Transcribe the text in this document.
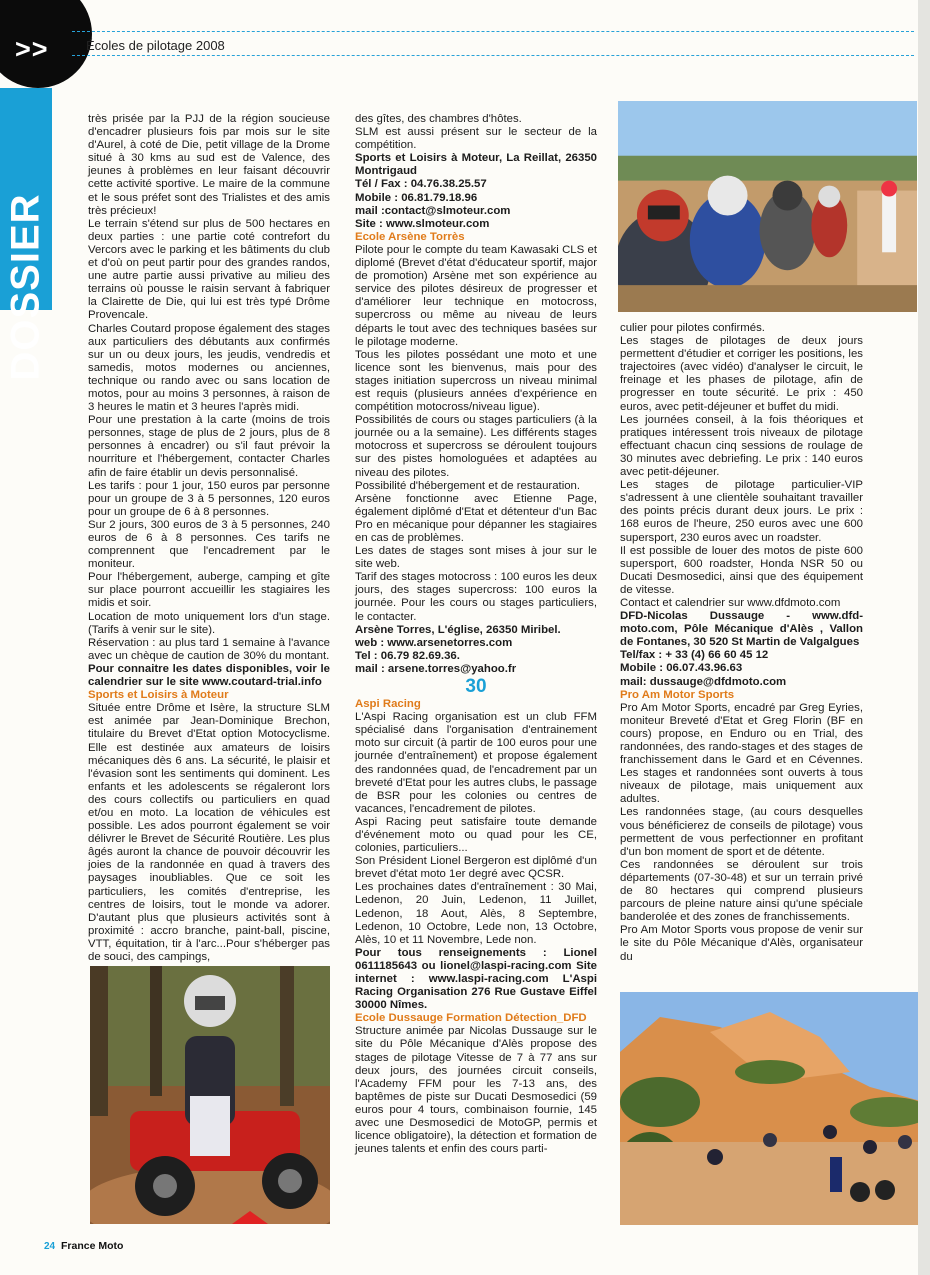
>>
DOSSIER
Écoles de pilotage 2008

très prisée par la PJJ de la région soucieuse d'encadrer plusieurs fois par mois sur le site d'Aurel, à coté de Die, petit village de la Drome situé à 30 kms au sud est de Valence, des jeunes à problèmes en leur faisant découvrir cette activité sportive. Le maire de la commune et le sous préfet sont des Trialistes et des amis très précieux!

Le terrain s'étend sur plus de 500 hectares en deux parties : une partie coté contrefort du Vercors avec le parking et les bâtiments du club et d'où on peut partir pour des grandes randos, une autre partie aussi privative au milieu des terrains où pousse le raisin servant à fabriquer la Clairette de Die, qui lui est très typé Drôme Provencale.

Charles Coutard propose également des stages aux particuliers des débutants aux confirmés sur un ou deux jours, les jeudis, vendredis et samedis, motos modernes ou anciennes, technique ou rando avec ou sans location de motos, pour au moins 3 personnes, à raison de 3 heures le matin et 3 heures l'après midi.

Pour une prestation à la carte (moins de trois personnes, stage de plus de 2 jours, plus de 8 personnes à encadrer) ou s'il faut prévoir la nourriture et l'hébergement, contacter Charles afin de faire établir un devis personnalisé.

Les tarifs : pour 1 jour, 150 euros par personne pour un groupe de 3 à 5 personnes, 120 euros pour un groupe de 6 à 8 personnes.

Sur 2 jours, 300 euros de 3 à 5 personnes, 240 euros de 6 à 8 personnes. Ces tarifs ne comprennent que l'encadrement par le moniteur.

Pour l'hébergement, auberge, camping et gîte sur place pourront accueillir les stagiaires les midis et soir.

Location de moto uniquement lors d'un stage. (Tarifs à venir sur le site).

Réservation : au plus tard 1 semaine à l'avance avec un chèque de caution de 30% du montant.

Pour connaitre les dates disponibles, voir le calendrier sur le site www.coutard-trial.info

Sports et Loisirs à Moteur

Située entre Drôme et Isère, la structure SLM est animée par Jean-Dominique Brechon, titulaire du Brevet d'Etat option Motocyclisme. Elle est destinée aux amateurs de loisirs mécaniques dès 6 ans. La sécurité, le plaisir et l'évasion sont les sentiments qui dominent. Les enfants et les adolescents se régaleront lors des cours collectifs ou particuliers en quad et/ou en moto. La location de véhicules est possible. Les ados pourront également se voir délivrer le Brevet de Sécurité Routière. Les plus âgés auront la chance de pouvoir découvrir les joies de la randonnée en quad à travers des paysages inoubliables. Que ce soit les particuliers, les comités d'entreprise, les centres de loisirs, tout le monde va adorer. D'autant plus que plusieurs activités sont à proximité : accro branche, paint-ball, piscine, VTT, équitation, tir à l'arc...Pour s'héberger pas de souci, des campings,

des gîtes, des chambres d'hôtes.

SLM est aussi présent sur le secteur de la compétition.

Sports et Loisirs à Moteur, La Reillat, 26350 Montrigaud

Tél / Fax : 04.76.38.25.57

Mobile : 06.81.79.18.96

mail :contact@slmoteur.com

Site : www.slmoteur.com

Ecole Arsène Torrès

Pilote pour le compte du team Kawasaki CLS et diplomé (Brevet d'état d'éducateur sportif, major de promotion) Arsène met son expérience au service des pilotes désireux de progresser et d'améliorer leur technique en motocross, supercross ou même au niveau de leurs départs le tout avec des techniques basées sur le pilotage moderne.

Tous les pilotes possédant une moto et une licence sont les bienvenus, mais pour des stages initiation supercross un niveau minimal est requis (plusieurs années d'expérience en compétition motocross/niveau ligue).

Possibilités de cours ou stages particuliers (à la journée ou a la semaine). Les différents stages motocross et supercross se déroulent toujours sur des pistes homologuées et adaptées au niveau des pilotes.

Possibilité d'hébergement et de restauration.

Arsène fonctionne avec Etienne Page, également diplômé d'Etat et détenteur d'un Bac Pro en mécanique pour dépanner les stagiaires en cas de problèmes.

Les dates de stages sont mises à jour sur le site web.

Tarif des stages motocross : 100 euros les deux jours, des stages supercross: 100 euros la journée. Pour les cours ou stages particuliers, le contacter.

Arsène Torres, L'église, 26350 Miribel.

web : www.arsenetorres.com

Tel : 06.79 82.69.36.

mail : arsene.torres@yahoo.fr

30

Aspi Racing

L'Aspi Racing organisation est un club FFM spécialisé dans l'organisation d'entrainement moto sur circuit (à partir de 100 euros pour une journée d'entraînement) et propose également des randonnées quad, de l'encadrement par un breveté d'Etat pour les autres clubs, le passage de BSR pour les colonies ou centres de vacances, l'encadrement de pilotes.

Aspi Racing peut satisfaire toute demande d'événement moto ou quad pour les CE, colonies, particuliers...

Son Président Lionel Bergeron est diplômé d'un brevet d'état moto 1er degré avec QCSR.

Les prochaines dates d'entraînement : 30 Mai, Ledenon, 20 Juin, Ledenon, 11 Juillet, Ledenon, 18 Aout, Alès, 8 Septembre, Ledenon, 10 Octobre, Lede non, 13 Octobre, Alès, 10 et 11 Novembre, Lede non.

Pour tous renseignements : Lionel 0611185643 ou lionel@laspi-racing.com Site internet : www.laspi-racing.com L'Aspi Racing Organisation 276 Rue Gustave Eiffel 30000 Nîmes.

Ecole Dussauge Formation Détection_DFD

Structure animée par Nicolas Dussauge sur le site du Pôle Mécanique d'Alès propose des stages de pilotage Vitesse de 7 à 77 ans sur deux jours, des journées circuit conseils, l'Academy FFM pour les 7-13 ans, des baptêmes de piste sur Ducati Desmosedici (59 euros pour 4 tours, combinaison fournie, 145 avec une Desmosedici de MotoGP, permis et licence obligatoire), la détection et formation de jeunes talents et enfin des cours parti-

culier pour pilotes confirmés.

Les stages de pilotages de deux jours permettent d'étudier et corriger les positions, les trajectoires (avec vidéo) d'analyser le circuit, le freinage et les phases de pilotage, afin de progresser en toute sécurité. Le prix : 450 euros, avec petit-déjeuner et buffet du midi.

Les journées conseil, à la fois théoriques et pratiques intéressent trois niveaux de pilotage effectuant chacun cinq sessions de roulage de 30 minutes avec debriefing. Le prix : 140 euros avec petit-déjeuner.

Les stages de pilotage particulier-VIP s'adressent à une clientèle souhaitant travailler des points précis durant deux jours. Le prix : 168 euros de l'heure, 250 euros avec une 600 supersport, 230 euros avec un roadster.

Il est possible de louer des motos de piste 600 supersport, 600 roadster, Honda NSR 50 ou Ducati Desmosedici, ainsi que des équipement de vitesse.

Contact et calendrier sur www.dfdmoto.com

DFD-Nicolas Dussauge - www.dfd-moto.com, Pôle Mécanique d'Alès , Vallon de Fontanes, 30 520 St Martin de Valgalgues

Tel/fax : + 33 (4) 66 60 45 12

Mobile : 06.07.43.96.63

mail: dussauge@dfdmoto.com

Pro Am Motor Sports

Pro Am Motor Sports, encadré par Greg Eyries, moniteur Breveté d'Etat et Greg Florin (BF en cours) propose, en Enduro ou en Trial, des randonnées, des rando-stages et des stages de franchissement dans le Gard et en Cévennes. Les stages et randonnées sont ouverts à tous niveaux de pilotage, mais uniquement aux adultes.

Les randonnées stage, (au cours desquelles vous bénéficierez de conseils de pilotage) vous permettent de vous perfectionner en profitant d'un bon moment de sport et de détente.

Ces randonnées se déroulent sur trois départements (07-30-48) et sur un terrain privé de 80 hectares qui comprend plusieurs parcours de pleine nature ainsi qu'une spéciale banderolée et des zones de franchissements.

Pro Am Motor Sports vous propose de venir sur le site du Pôle Mécanique d'Alès, organisateur du

24 France Moto
